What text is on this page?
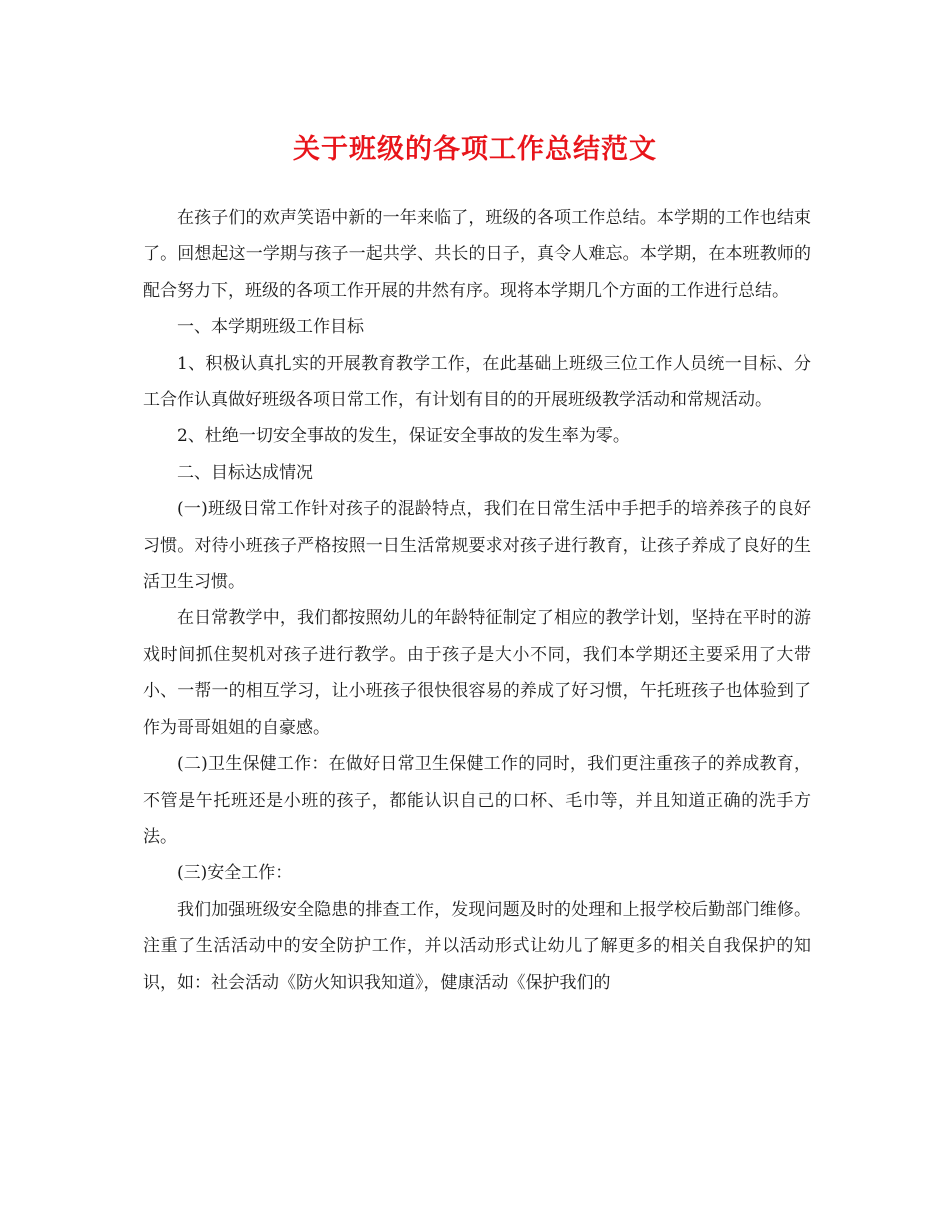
关于班级的各项工作总结范文

在孩子们的欢声笑语中新的一年来临了，班级的各项工作总结。本学期的工作也结束了。回想起这一学期与孩子一起共学、共长的日子，真令人难忘。本学期，在本班教师的配合努力下，班级的各项工作开展的井然有序。现将本学期几个方面的工作进行总结。

一、本学期班级工作目标

1、积极认真扎实的开展教育教学工作，在此基础上班级三位工作人员统一目标、分工合作认真做好班级各项日常工作，有计划有目的的开展班级教学活动和常规活动。

2、杜绝一切安全事故的发生，保证安全事故的发生率为零。

二、目标达成情况

(一)班级日常工作针对孩子的混龄特点，我们在日常生活中手把手的培养孩子的良好习惯。对待小班孩子严格按照一日生活常规要求对孩子进行教育，让孩子养成了良好的生活卫生习惯。

在日常教学中，我们都按照幼儿的年龄特征制定了相应的教学计划，坚持在平时的游戏时间抓住契机对孩子进行教学。由于孩子是大小不同，我们本学期还主要采用了大带小、一帮一的相互学习，让小班孩子很快很容易的养成了好习惯，午托班孩子也体验到了作为哥哥姐姐的自豪感。

(二)卫生保健工作：在做好日常卫生保健工作的同时，我们更注重孩子的养成教育，不管是午托班还是小班的孩子，都能认识自己的口杯、毛巾等，并且知道正确的洗手方法。

(三)安全工作：

我们加强班级安全隐患的排查工作，发现问题及时的处理和上报学校后勤部门维修。注重了生活活动中的安全防护工作，并以活动形式让幼儿了解更多的相关自我保护的知识，如：社会活动《防火知识我知道》，健康活动《保护我们的
